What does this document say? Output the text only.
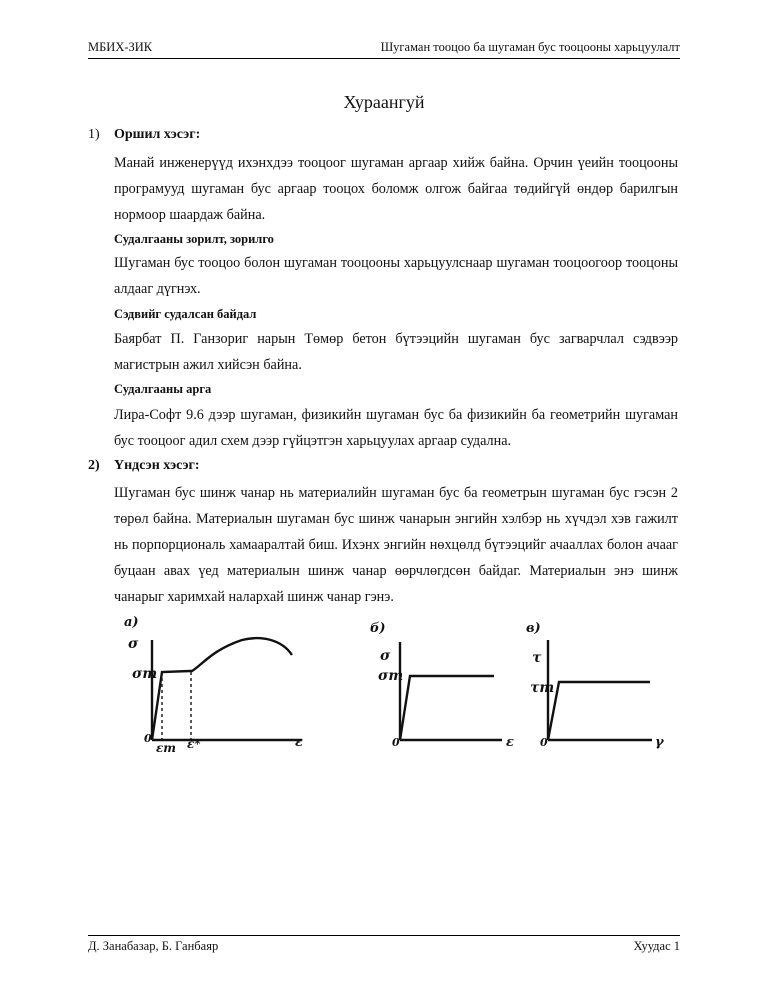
МБИХ-ЗИК	Шугаман тооцоо ба шугаман бус тооцооны харьцуулалт
Хураангуй
1) Оршил хэсэг:
Манай инженерүүд ихэнхдээ тооцоог шугаман аргаар хийж байна. Орчин үеийн тооцооны програмууд шугаман бус аргаар тооцох боломж олгож байгаа төдийгүй өндөр барилгын нормоор шаардаж байна.
Судалгааны зорилт, зорилго
Шугаман бус тооцоо болон шугаман тооцооны харьцуулснаар шугаман тооцоогоор тооцоны алдааг дүгнэх.
Сэдвийг судалсан байдал
Баярбат П. Ганзориг нарын Төмөр бетон бүтээцийн шугаман бус загварчлал сэдвээр магистрын ажил хийсэн байна.
Судалгааны арга
Лира-Софт 9.6 дээр шугаман, физикийн шугаман бус ба физикийн ба геометрийн шугаман бус тооцоог адил схем дээр гүйцэтгэн харьцуулах аргаар судална.
2) Үндсэн хэсэг:
Шугаман бус шинж чанар нь материалийн шугаман бус ба геометрын шугаман бус гэсэн 2 төрөл байна. Материалын шугаман бус шинж чанарын энгийн хэлбэр нь хүчдэл хэв гажилт нь порпорциональ хамааралтай биш. Ихэнх энгийн нөхцөлд бүтээцийг ачааллах болон ачааг буцаан авах үед материалын шинж чанар өөрчлөгдсөн байдаг. Материалын энэ шинж чанарыг харимхай налархай шинж чанар гэнэ.
a)
σ
σт
0
εт ε*	ε
б)
σ
σт
0	ε
в)
τ
τт
0	γ
Д. Занабазар, Б. Ганбаяр	Хуудас 1
